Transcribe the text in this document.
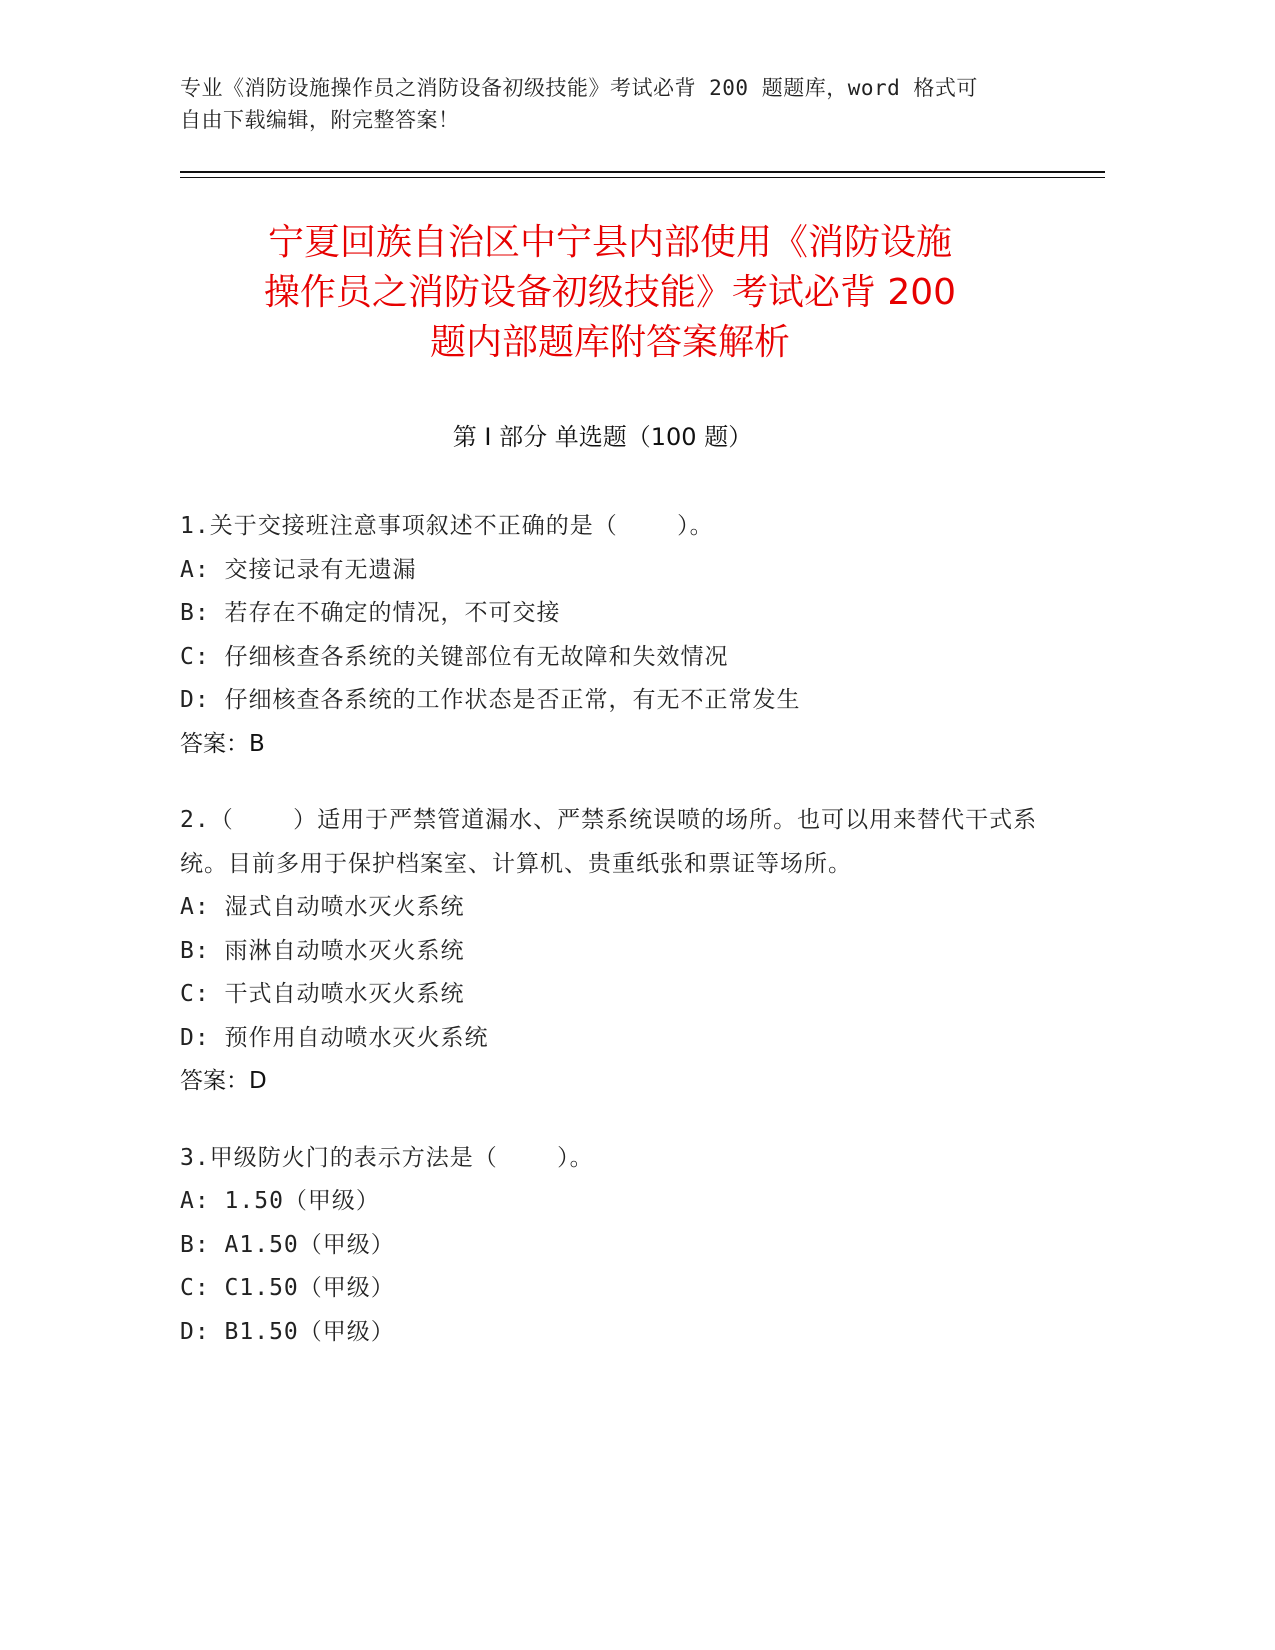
专业《消防设施操作员之消防设备初级技能》考试必背 200 题题库，word 格式可
自由下载编辑，附完整答案！
宁夏回族自治区中宁县内部使用《消防设施
操作员之消防设备初级技能》考试必背 200
题内部题库附答案解析
第 I 部分 单选题（100 题）
1.关于交接班注意事项叙述不正确的是（    ）。
A: 交接记录有无遗漏
B: 若存在不确定的情况，不可交接
C: 仔细核查各系统的关键部位有无故障和失效情况
D: 仔细核查各系统的工作状态是否正常，有无不正常发生
答案：B
2.（    ）适用于严禁管道漏水、严禁系统误喷的场所。也可以用来替代干式系统。目前多用于保护档案室、计算机、贵重纸张和票证等场所。
A: 湿式自动喷水灭火系统
B: 雨淋自动喷水灭火系统
C: 干式自动喷水灭火系统
D: 预作用自动喷水灭火系统
答案：D
3.甲级防火门的表示方法是（    ）。
A: 1.50（甲级）
B: A1.50（甲级）
C: C1.50（甲级）
D: B1.50（甲级）
